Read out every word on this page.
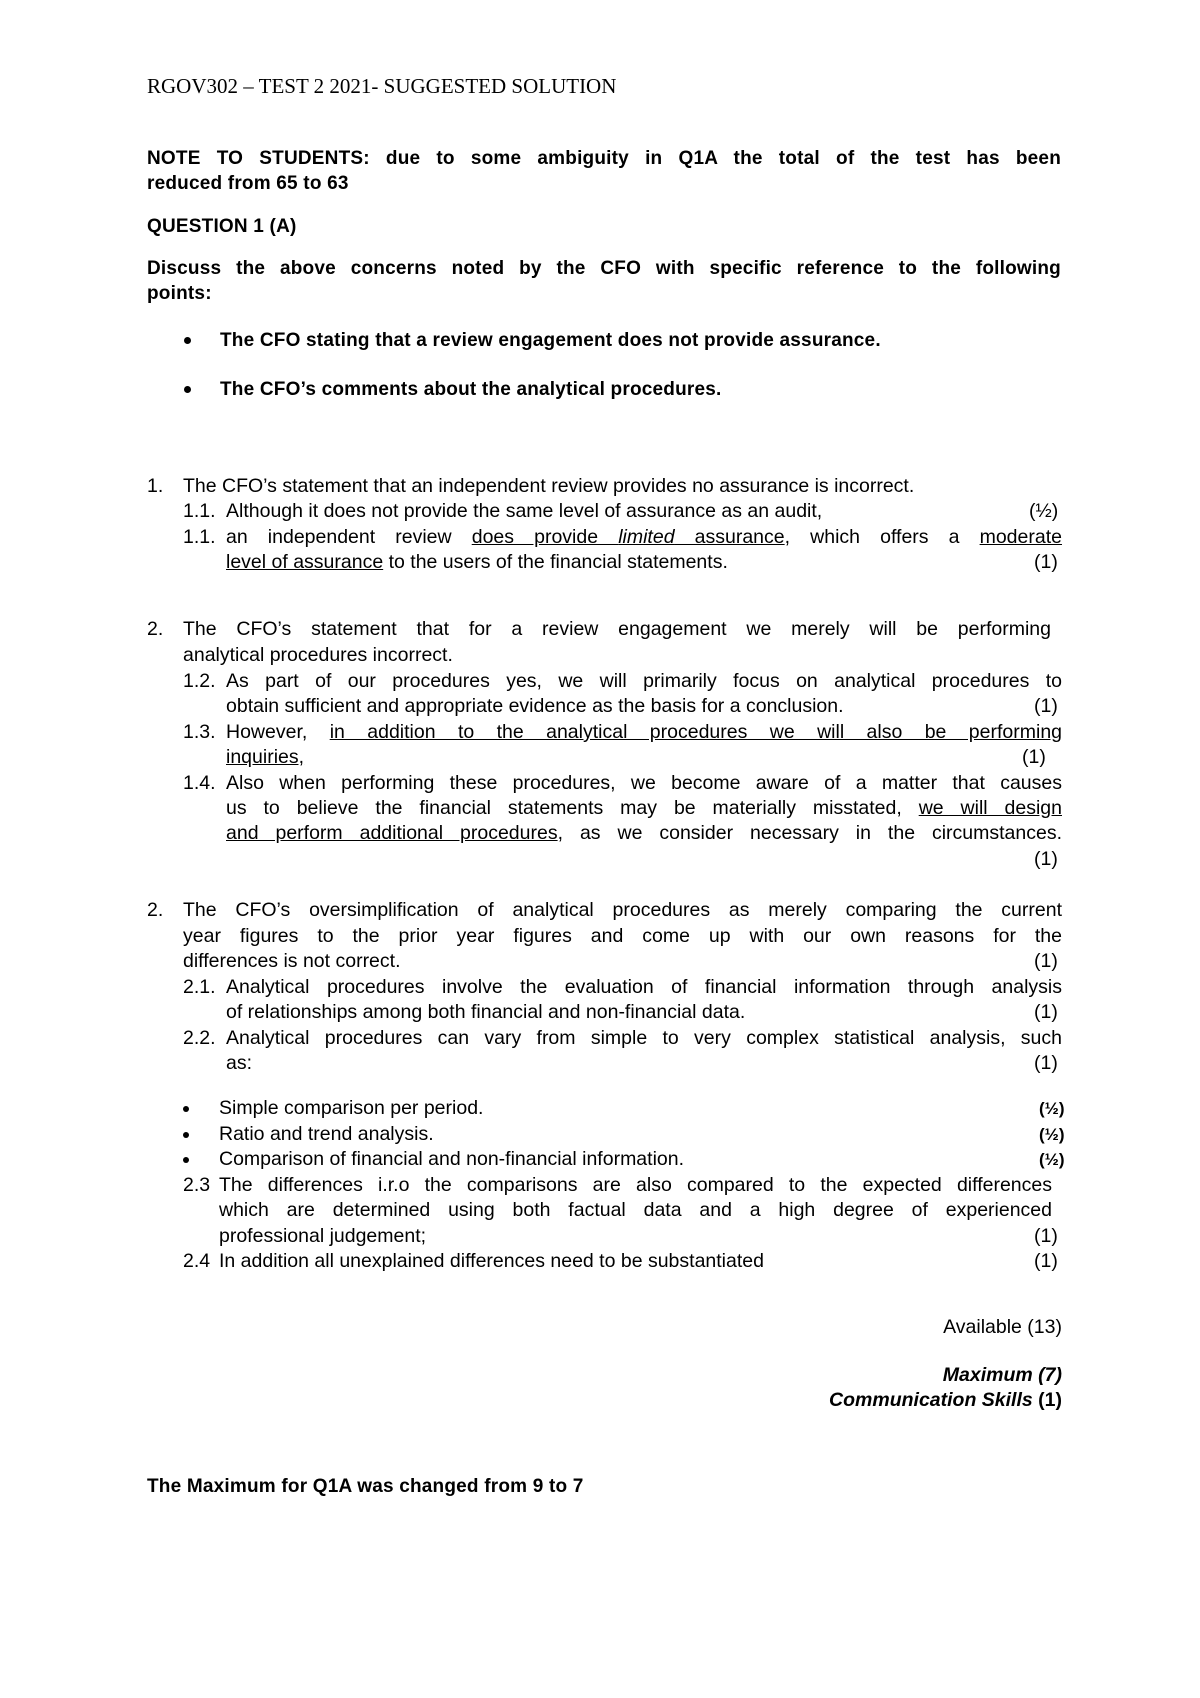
RGOV302 – TEST 2 2021- SUGGESTED SOLUTION
NOTE TO STUDENTS: due to some ambiguity in Q1A the total of the test has been
reduced from 65 to 63
QUESTION 1 (A)
Discuss the above concerns noted by the CFO with specific reference to the following
points:
The CFO stating that a review engagement does not provide assurance.
The CFO’s comments about the analytical procedures.
1. The CFO’s statement that an independent review provides no assurance is incorrect.
1.1. Although it does not provide the same level of assurance as an audit,	(½)
1.1. an independent review does provide limited assurance, which offers a moderate
level of assurance to the users of the financial statements.	(1)
2. The CFO’s statement that for a review engagement we merely will be performing
analytical procedures incorrect.
1.2. As part of our procedures yes, we will primarily focus on analytical procedures to
obtain sufficient and appropriate evidence as the basis for a conclusion.	(1)
1.3. However, in addition to the analytical procedures we will also be performing
inquiries,	(1)
1.4. Also when performing these procedures, we become aware of a matter that causes
us to believe the financial statements may be materially misstated, we will design
and perform additional procedures, as we consider necessary in the circumstances.
(1)
2. The CFO’s oversimplification of analytical procedures as merely comparing the current
year figures to the prior year figures and come up with our own reasons for the
differences is not correct.	(1)
2.1. Analytical procedures involve the evaluation of financial information through analysis
of relationships among both financial and non-financial data.	(1)
2.2. Analytical procedures can vary from simple to very complex statistical analysis, such
as:	(1)
Simple comparison per period.	(½)
Ratio and trend analysis.	(½)
Comparison of financial and non-financial information.	(½)
2.3 The differences i.r.o the comparisons are also compared to the expected differences
which are determined using both factual data and a high degree of experienced
professional judgement;	(1)
2.4 In addition all unexplained differences need to be substantiated	(1)
Available (13)
Maximum (7)
Communication Skills (1)
The Maximum for Q1A was changed from 9 to 7
